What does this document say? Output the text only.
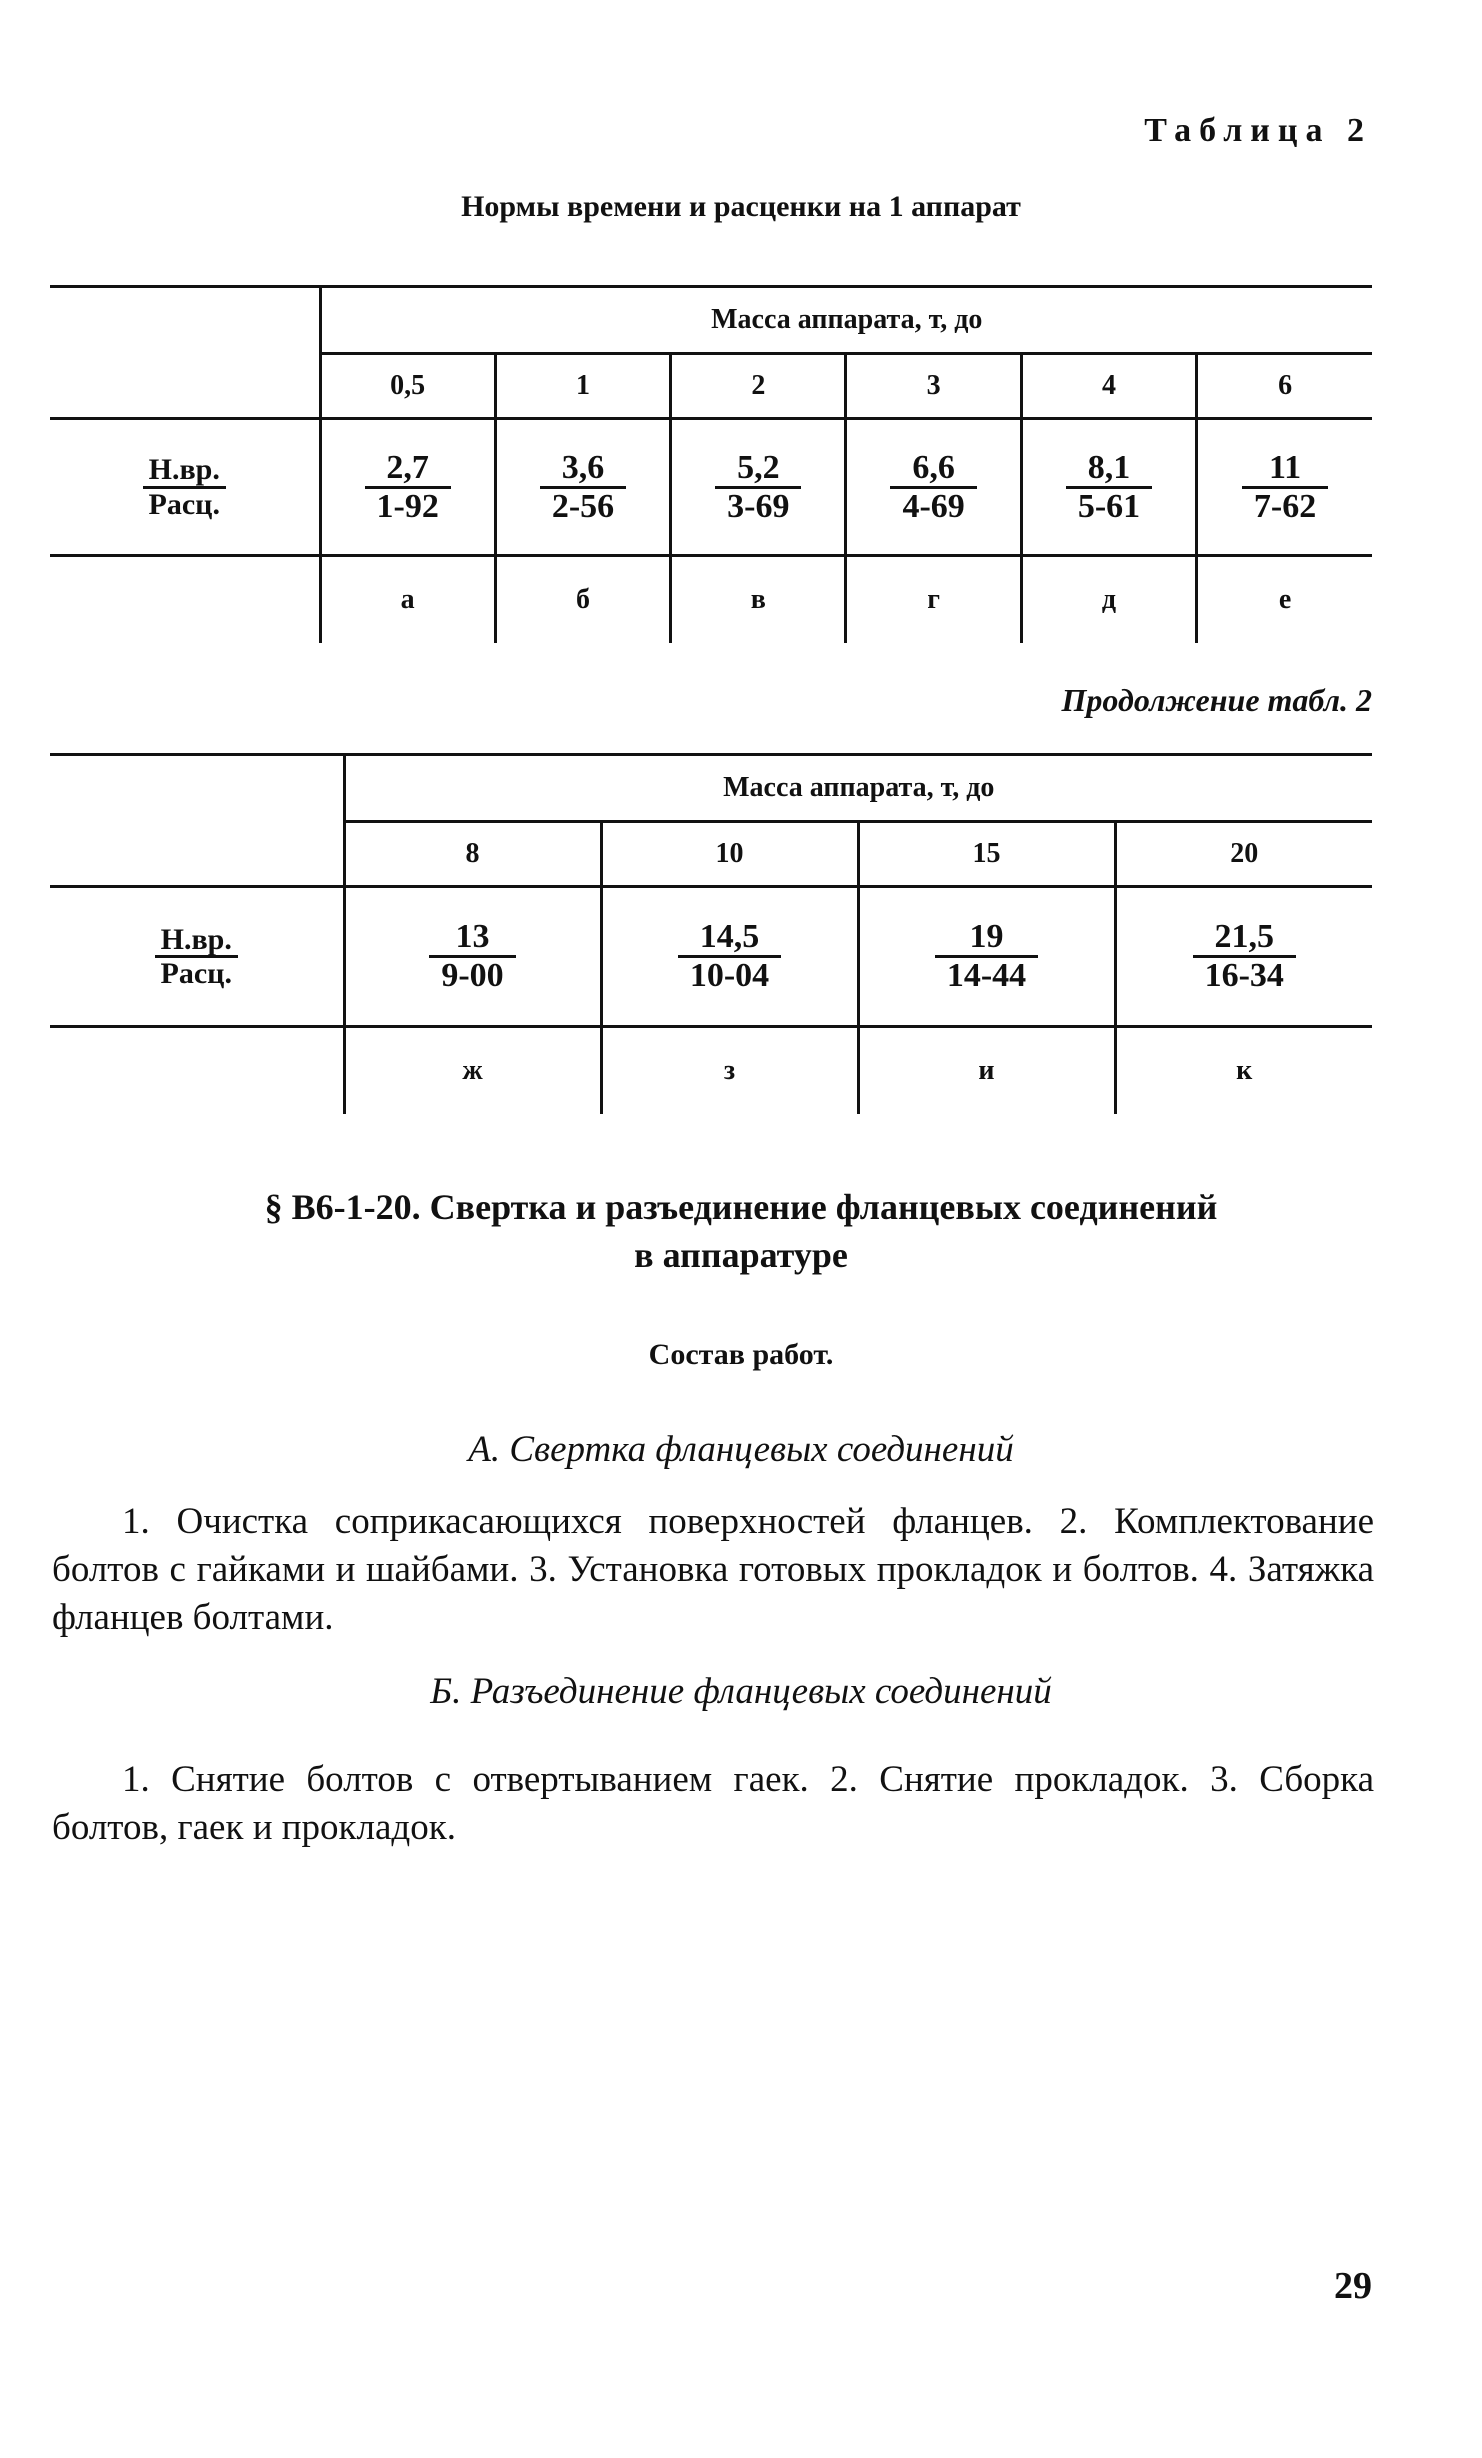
Таблица 2
Нормы времени и расценки на 1 аппарат
	Масса аппарата, т, до					
	0,5	1	2	3	4	6

$\frac{Н.вр.}{\text{Расц.}}$	$\frac{2,7}{1-92}$	$\frac{3,6}{2-56}$	$\frac{5,2}{3-69}$	$\frac{6,6}{4-69}$	$\frac{8,1}{5-61}$	$\frac{11}{7-62}$

	а	б	в	г	д	е
Продолжение табл. 2
	Масса аппарата, т, до			
	8	10	15	20

$\frac{Н.вр.}{\text{Расц.}}$	$\frac{13}{9-00}$	$\frac{14,5}{10-04}$	$\frac{19}{14-44}$	$\frac{21,5}{16-34}$

	ж	з	и	к
§ В6-1-20. Свертка и разъединение фланцевых соединений
в аппаратуре
Состав работ.
А. Свертка фланцевых соединений
1. Очистка соприкасающихся поверхностей фланцев. 2. Комплектование болтов с гайками и шайбами. 3. Установка готовых прокладок и болтов. 4. Затяжка фланцев болтами.
Б. Разъединение фланцевых соединений
1. Снятие болтов с отвертыванием гаек. 2. Снятие прокладок. 3. Сборка болтов, гаек и прокладок.
29
